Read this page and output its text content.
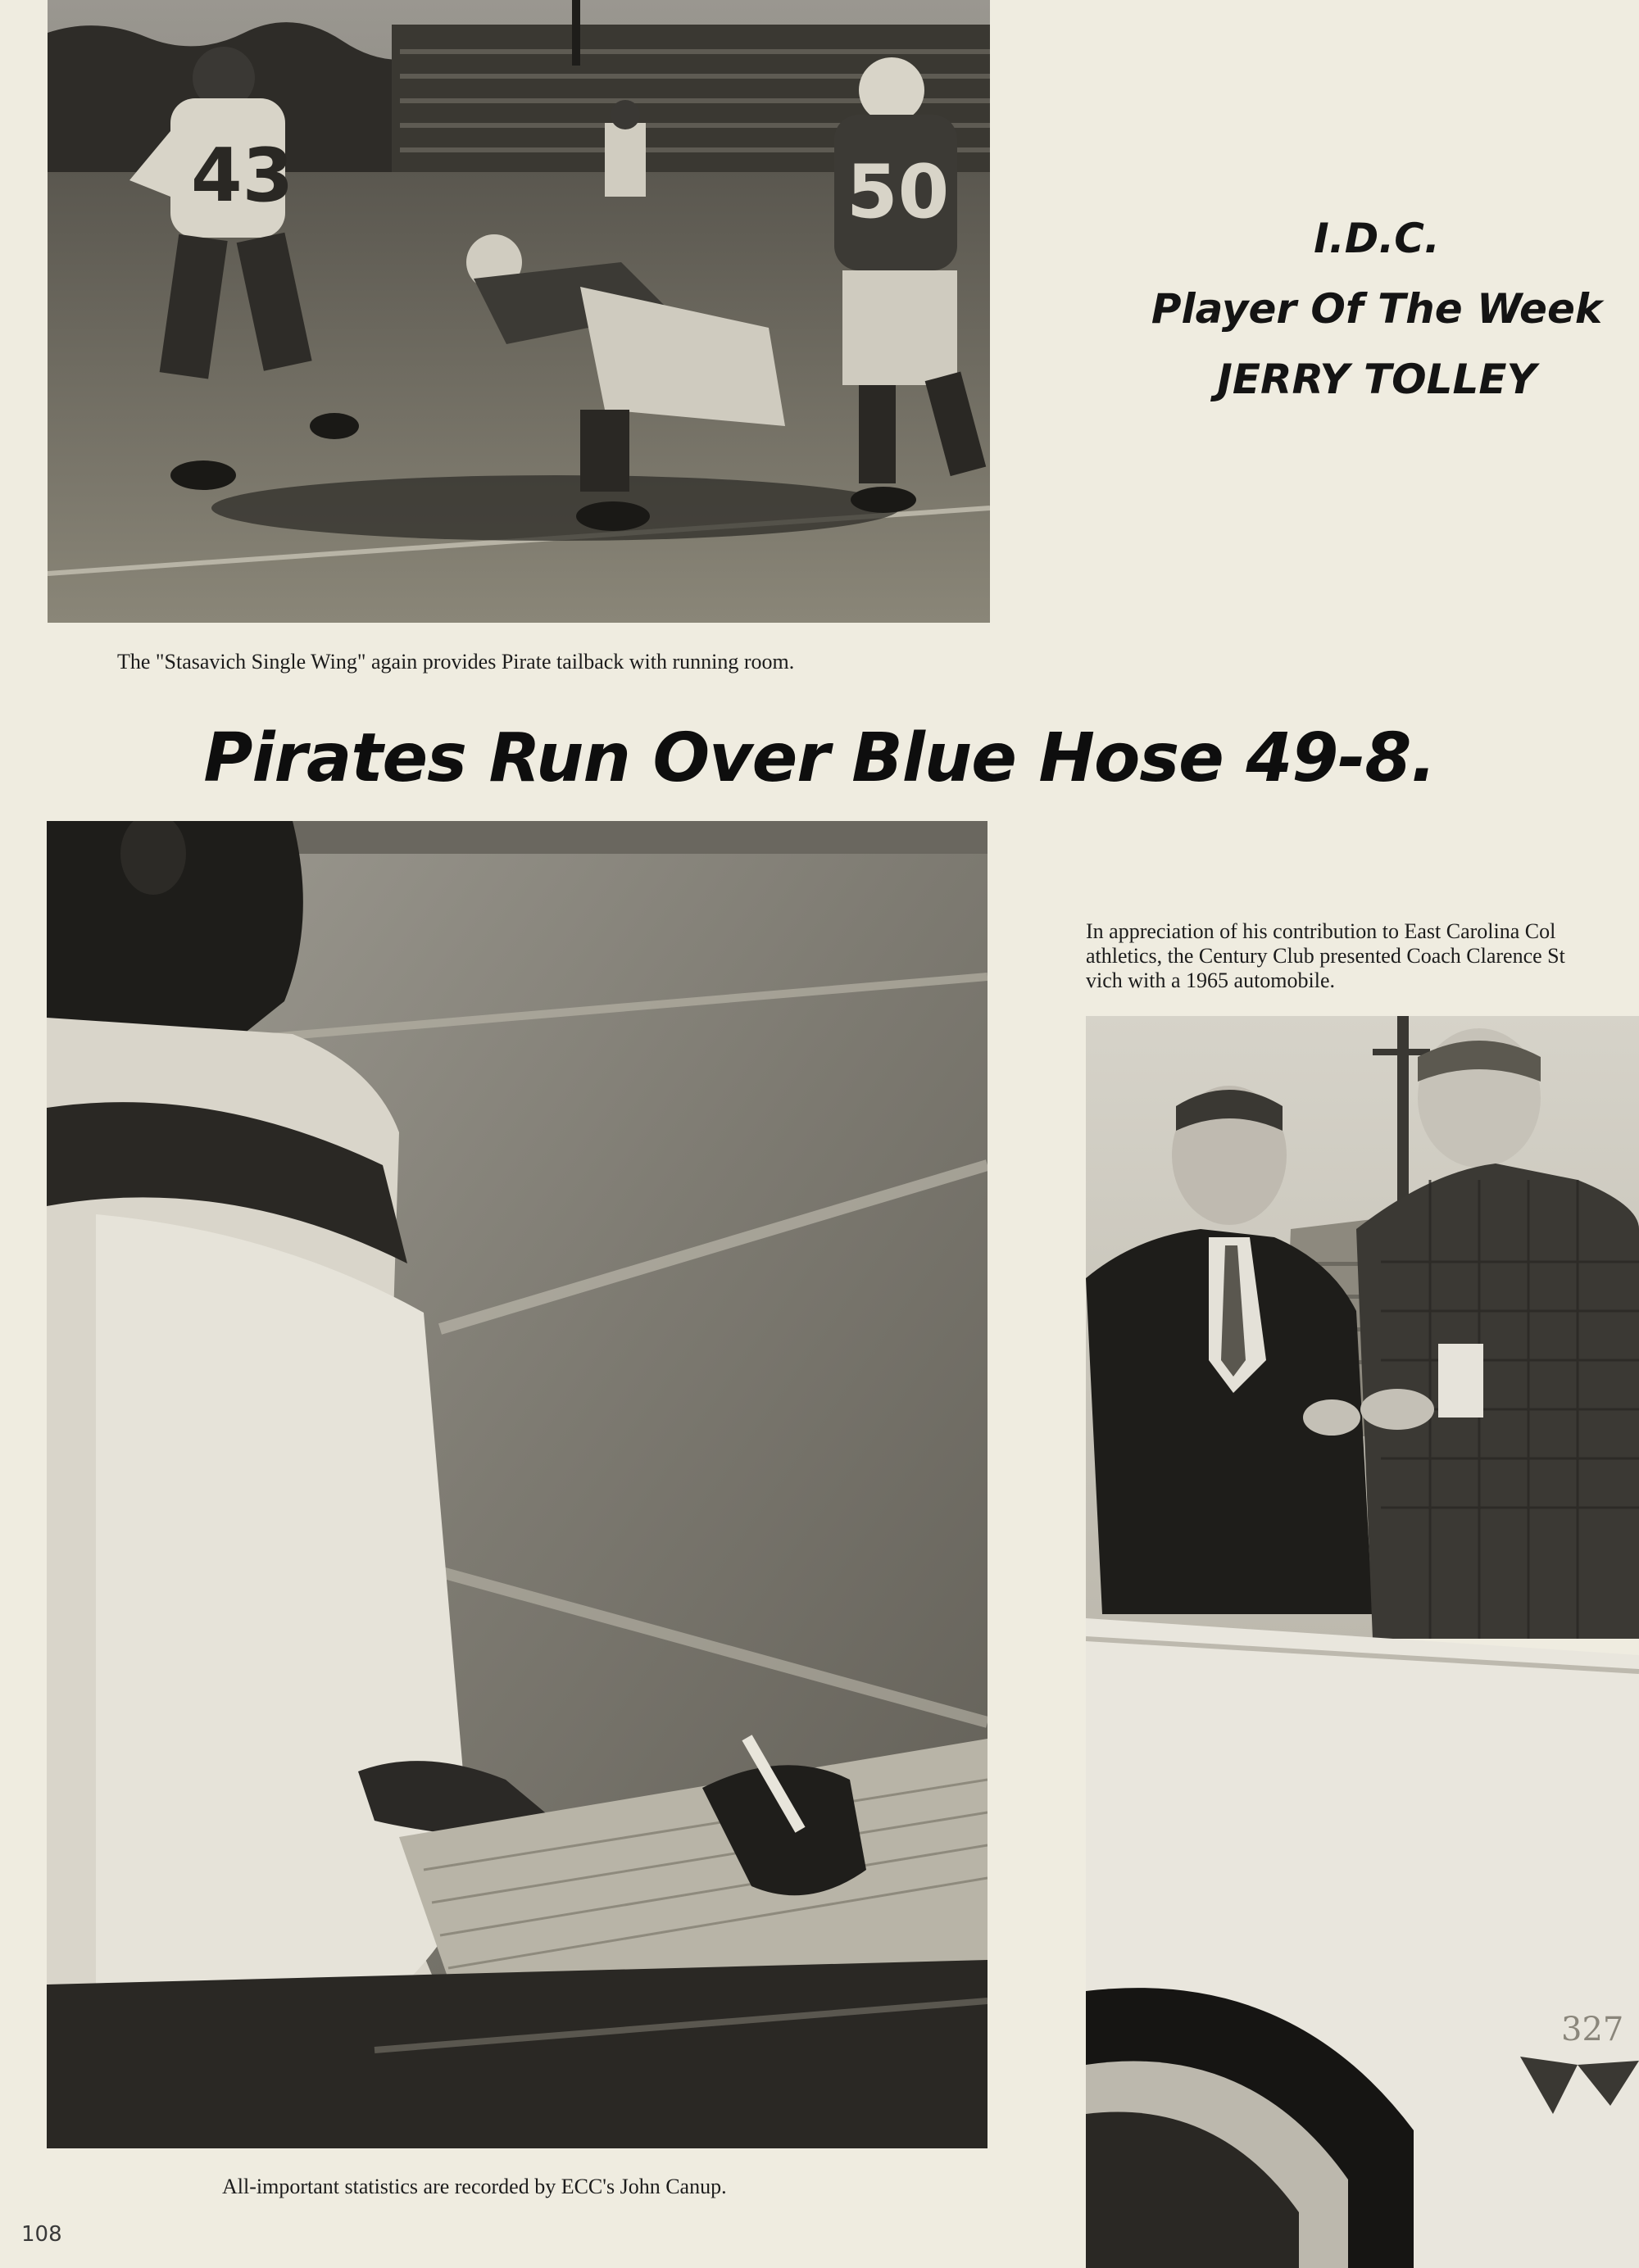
43	50
The "Stasavich Single Wing" again provides Pirate tailback with running room.
I.D.C.
Player Of The Week
JERRY TOLLEY
Pirates Run Over Blue Hose 49-8.
All-important statistics are recorded by ECC's John Canup.
In appreciation of his contribution to East Carolina Col
athletics, the Century Club presented Coach Clarence St
vich with a 1965 automobile.
327
108
